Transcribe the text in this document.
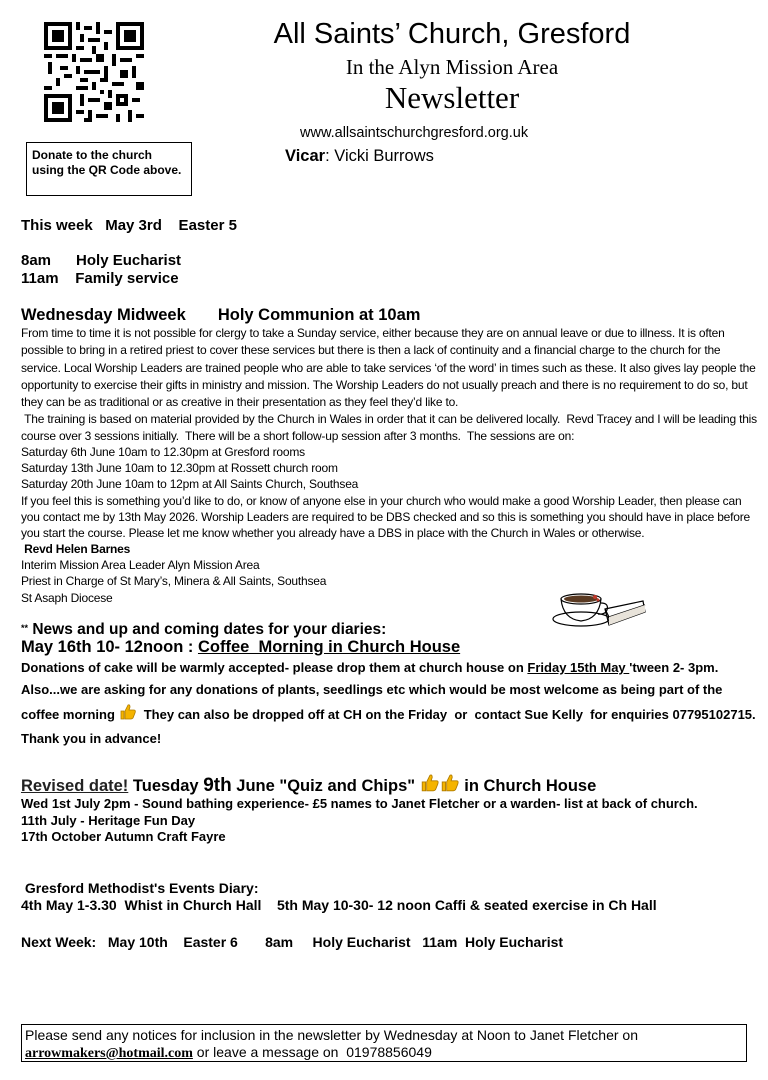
All Saints’ Church, Gresford
In the Alyn Mission Area
Newsletter
www.allsaintschurchgresford.org.uk
Vicar: Vicki Burrows
Donate to the church using the QR Code above.
This week   May 3rd    Easter 5
8am      Holy Eucharist
11am    Family service
Wednesday Midweek       Holy Communion at 10am
From time to time it is not possible for clergy to take a Sunday service, either because they are on annual leave or due to illness. It is often possible to bring in a retired priest to cover these services but there is then a lack of continuity and a financial charge to the church for the service. Local Worship Leaders are trained people who are able to take services ‘of the word’ in times such as these. It also gives lay people the opportunity to exercise their gifts in ministry and mission. The Worship Leaders do not usually preach and there is no requirement to do so, but they can be as traditional or as creative in their presentation as they feel they’d like to.
The training is based on material provided by the Church in Wales in order that it can be delivered locally.  Revd Tracey and I will be leading this course over 3 sessions initially.  There will be a short follow-up session after 3 months.  The sessions are on:
Saturday 6th June 10am to 12.30pm at Gresford rooms
Saturday 13th June 10am to 12.30pm at Rossett church room
Saturday 20th June 10am to 12pm at All Saints Church, Southsea
If you feel this is something you’d like to do, or know of anyone else in your church who would make a good Worship Leader, then please can you contact me by 13th May 2026. Worship Leaders are required to be DBS checked and so this is something you should have in place before you start the course. Please let me know whether you already have a DBS in place with the Church in Wales or otherwise.
Revd Helen Barnes
Interim Mission Area Leader Alyn Mission Area
Priest in Charge of St Mary’s, Minera & All Saints, Southsea
St Asaph Diocese
** News and up and coming dates for your diaries:
May 16th 10- 12noon : Coffee  Morning in Church House
Donations of cake will be warmly accepted- please drop them at church house on Friday 15th May 'tween 2- 3pm.
Also...we are asking for any donations of plants, seedlings etc which would be most welcome as being part of the
coffee morning   They can also be dropped off at CH on the Friday  or  contact Sue Kelly  for enquiries 07795102715.
Thank you in advance!
Revised date! Tuesday 9th June "Quiz and Chips"  in Church House
Wed 1st July 2pm - Sound bathing experience- £5 names to Janet Fletcher or a warden- list at back of church.
11th July - Heritage Fun Day
17th October Autumn Craft Fayre
Gresford Methodist's Events Diary:
4th May 1-3.30  Whist in Church Hall    5th May 10-30- 12 noon Caffi & seated exercise in Ch Hall
Next Week:   May 10th    Easter 6       8am     Holy Eucharist   11am  Holy Eucharist
Please send any notices for inclusion in the newsletter by Wednesday at Noon to Janet Fletcher on
arrowmakers@hotmail.com or leave a message on  01978856049
